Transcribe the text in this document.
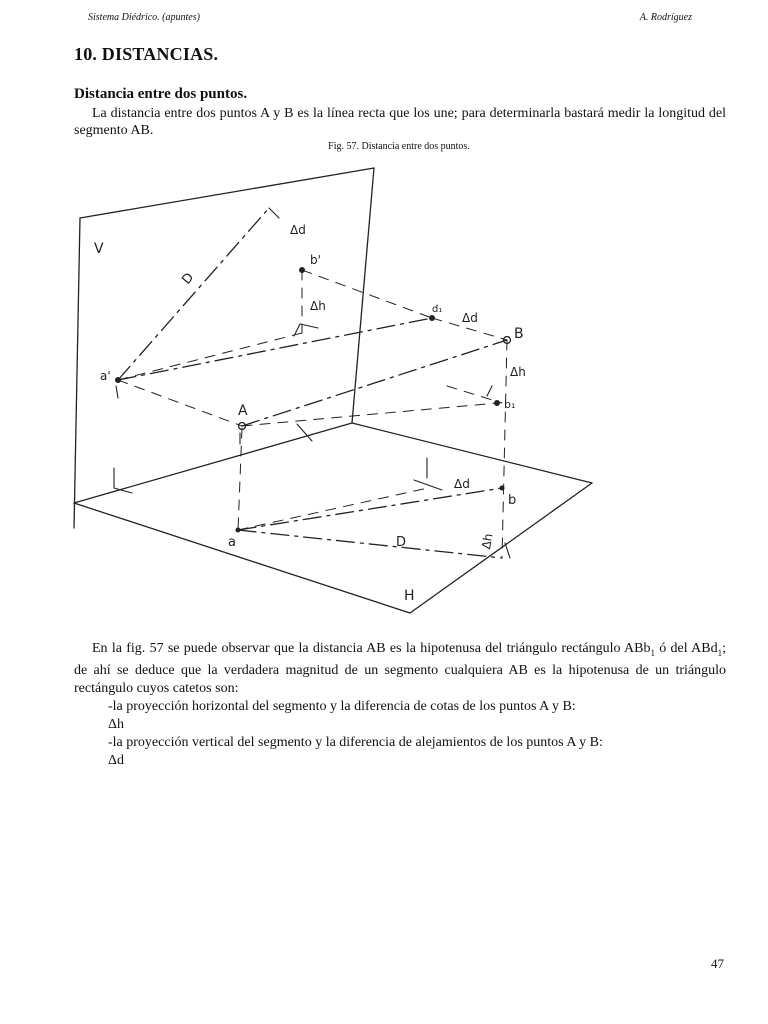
Sistema Diédrico. (apuntes)	A. Rodríguez
10. DISTANCIAS.
Distancia entre dos puntos.

La distancia entre dos puntos A y B es la línea recta que los une; para determinarla bastará medir la longitud del segmento AB.

Fig. 57. Distancia entre dos puntos.
V
H
a'
b'
A
B
a
b
b₁
d₁
Δd
Δd
Δd
Δh
Δh
Δh
D
D
En la fig. 57 se puede observar que la distancia AB es la hipotenusa del triángulo rectángulo ABb$_1$ ó del ABd$_1$; de ahí se deduce que la verdadera magnitud de un segmento cualquiera AB es la hipotenusa de un triángulo rectángulo cuyos catetos son:
-la proyección horizontal del segmento y la diferencia de cotas de los puntos A y B:
Δh
-la proyección vertical del segmento y la diferencia de alejamientos de los puntos A y B:
Δd
47
